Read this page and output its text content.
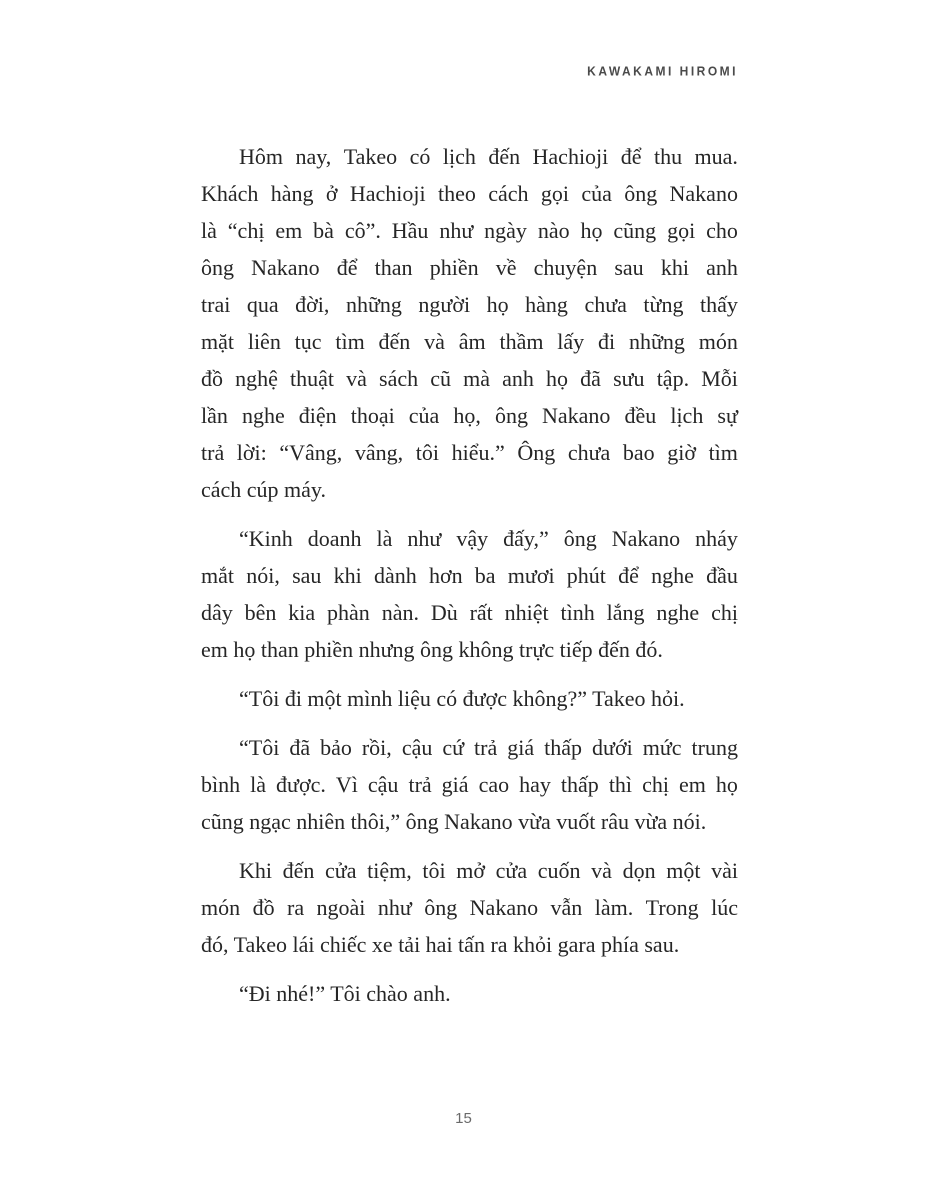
KAWAKAMI HIROMI
Hôm nay, Takeo có lịch đến Hachioji để thu mua.
Khách hàng ở Hachioji theo cách gọi của ông Nakano
là “chị em bà cô”. Hầu như ngày nào họ cũng gọi cho
ông Nakano để than phiền về chuyện sau khi anh
trai qua đời, những người họ hàng chưa từng thấy
mặt liên tục tìm đến và âm thầm lấy đi những món
đồ nghệ thuật và sách cũ mà anh họ đã sưu tập. Mỗi
lần nghe điện thoại của họ, ông Nakano đều lịch sự
trả lời: “Vâng, vâng, tôi hiểu.” Ông chưa bao giờ tìm
cách cúp máy.
“Kinh doanh là như vậy đấy,” ông Nakano nháy
mắt nói, sau khi dành hơn ba mươi phút để nghe đầu
dây bên kia phàn nàn. Dù rất nhiệt tình lắng nghe chị
em họ than phiền nhưng ông không trực tiếp đến đó.
“Tôi đi một mình liệu có được không?” Takeo hỏi.
“Tôi đã bảo rồi, cậu cứ trả giá thấp dưới mức trung
bình là được. Vì cậu trả giá cao hay thấp thì chị em họ
cũng ngạc nhiên thôi,” ông Nakano vừa vuốt râu vừa nói.
Khi đến cửa tiệm, tôi mở cửa cuốn và dọn một vài
món đồ ra ngoài như ông Nakano vẫn làm. Trong lúc
đó, Takeo lái chiếc xe tải hai tấn ra khỏi gara phía sau.
“Đi nhé!” Tôi chào anh.
15
